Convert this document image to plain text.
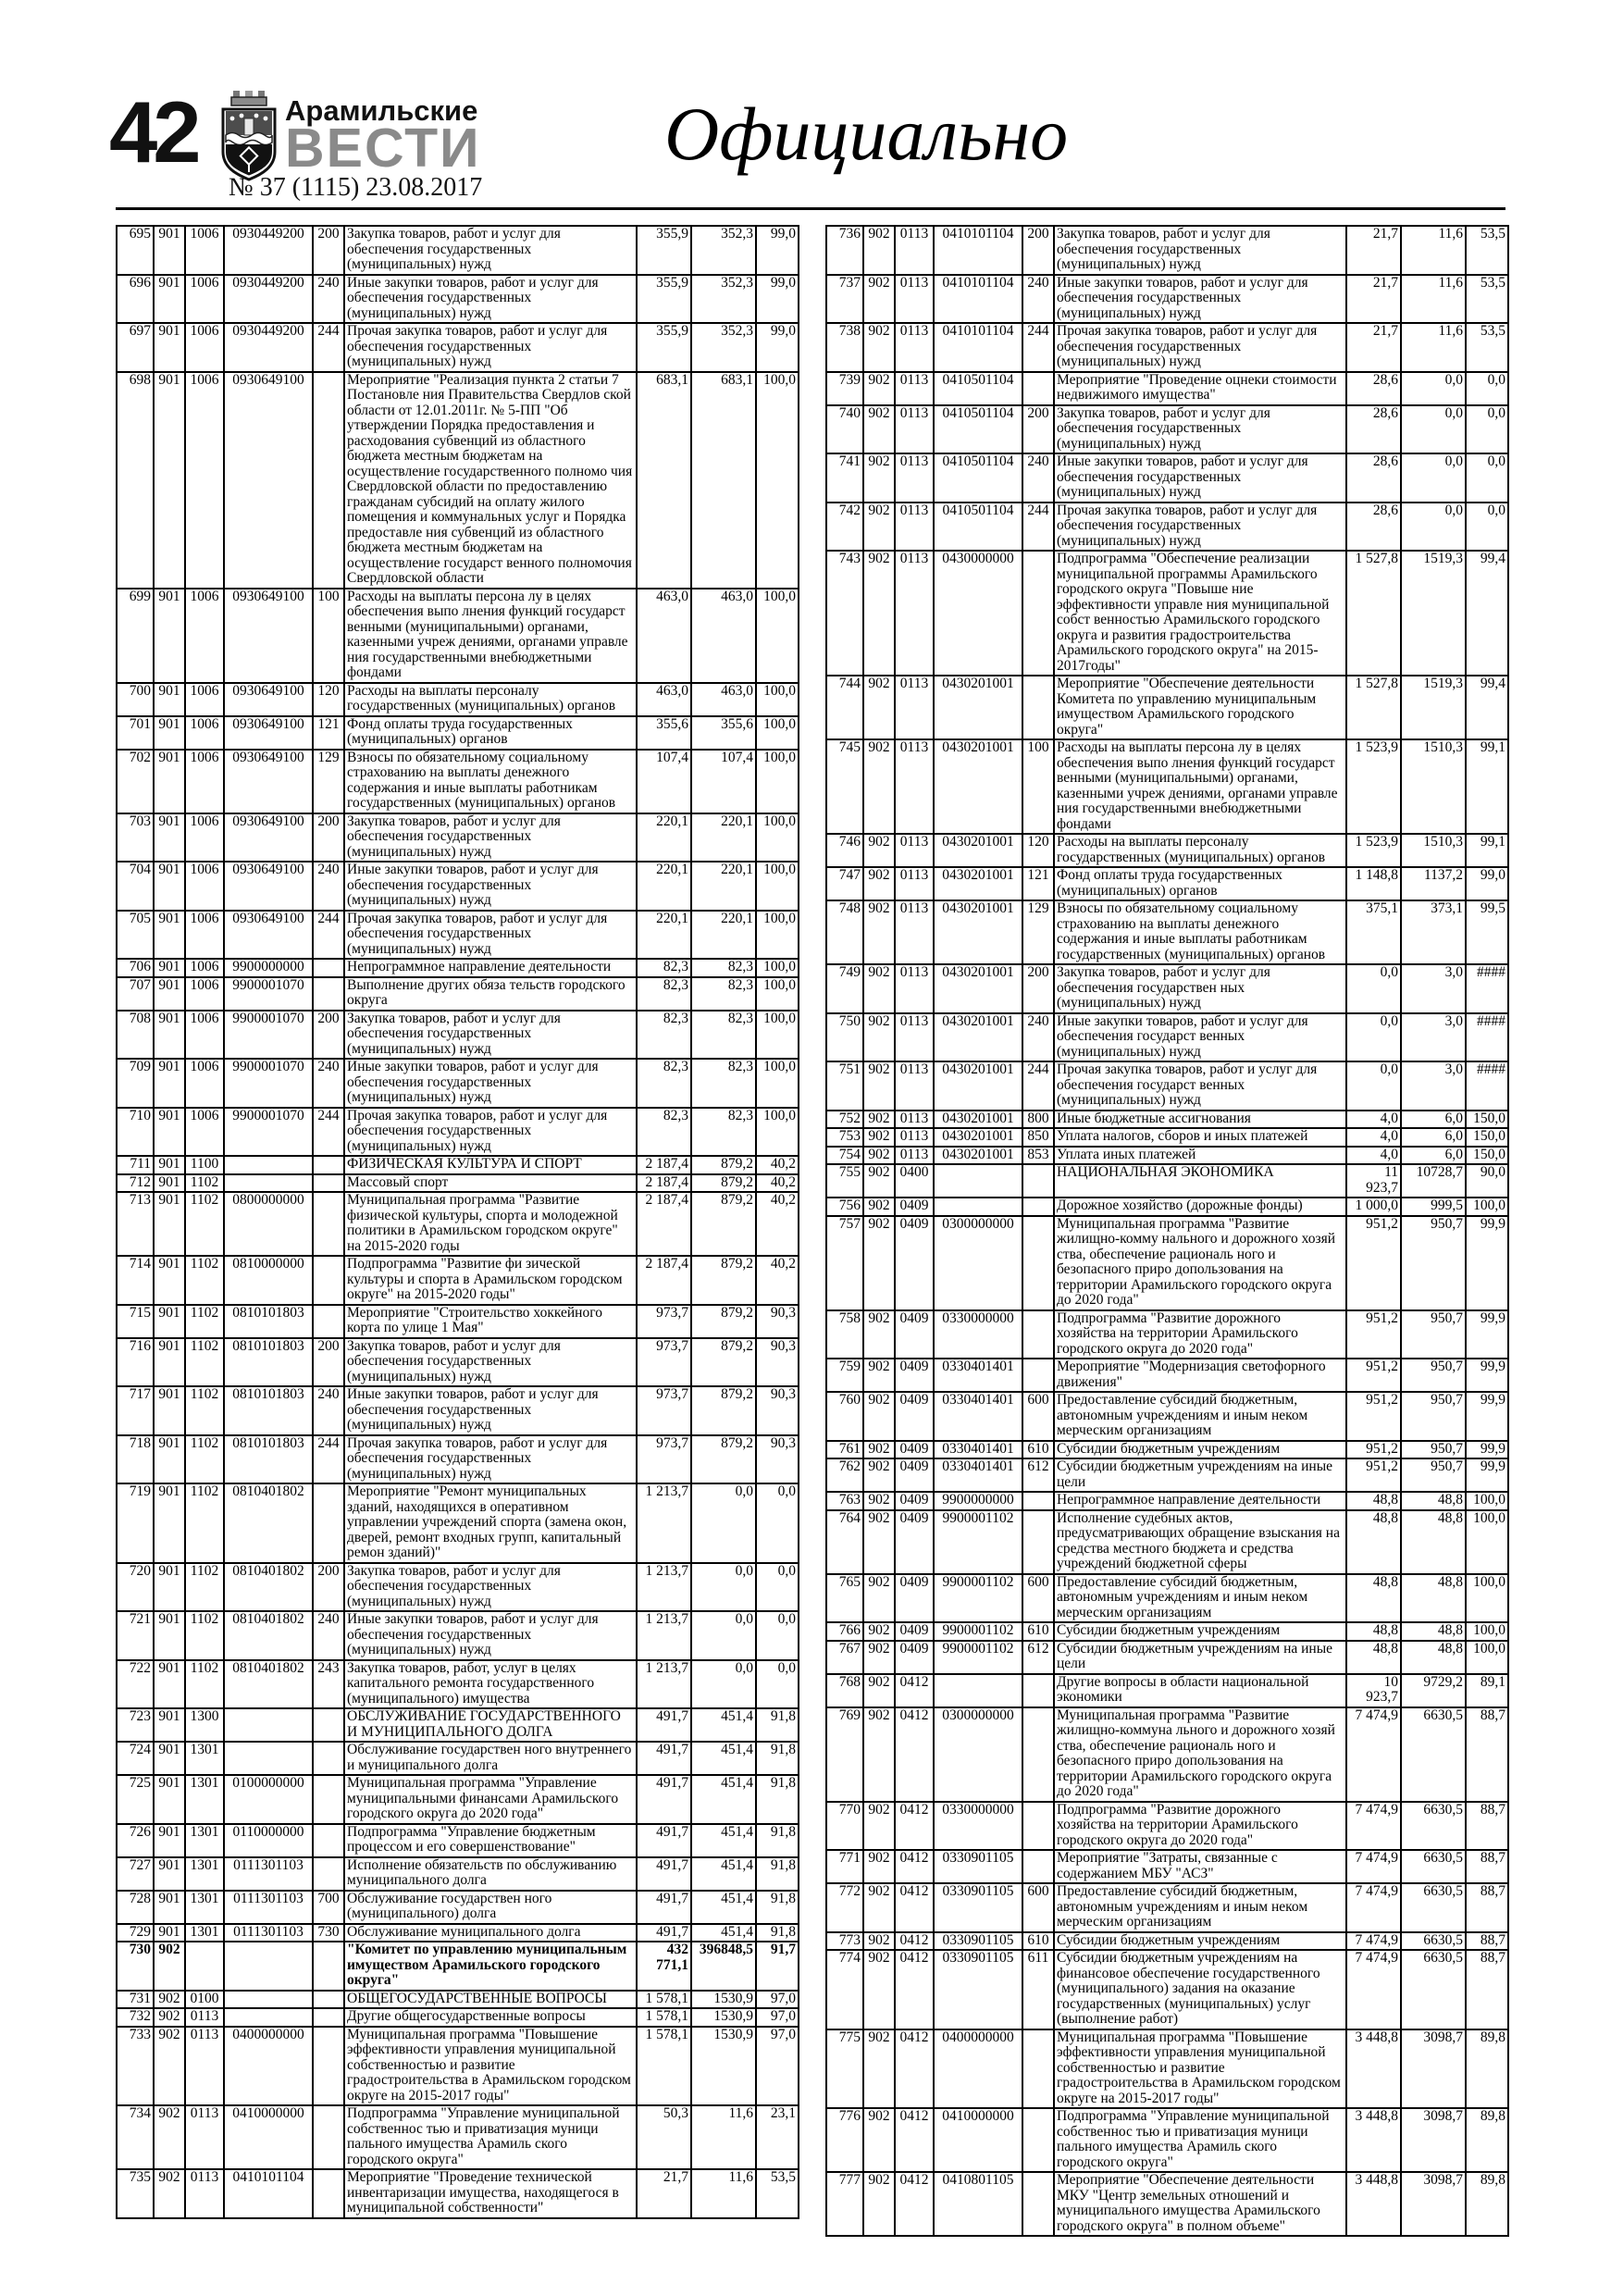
42	Арамильские
ВЕСТИ
№ 37 (1115) 23.08.2017
Официально
695	901	1006	0930449200	200	Закупка товаров, работ и услуг для обеспечения государственных (муниципальных) нужд	355,9	352,3	99,0
696	901	1006	0930449200	240	Иные закупки товаров, работ и услуг для обеспечения государственных (муниципальных) нужд	355,9	352,3	99,0
697	901	1006	0930449200	244	Прочая закупка товаров, работ и услуг для обеспечения государственных (муниципальных) нужд	355,9	352,3	99,0
698	901	1006	0930649100		Мероприятие "Реализация пункта 2 статьи 7 Постановле ния Правительства Свердлов ской области от 12.01.2011г. № 5-ПП "Об утверждении Порядка предоставления и расходования субвенций из областного бюджета местным бюджетам на осуществление государственного полномо чия Свердловской области по предоставлению гражданам субсидий на оплату жилого помещения и коммунальных услуг и Порядка предоставле ния субвенций из областного бюджета местным бюджетам на осуществление государст венного полномочия Свердловской области	683,1	683,1	100,0
699	901	1006	0930649100	100	Расходы на выплаты персона лу в целях обеспечения выпо лнения функций государст венными (муниципальными) органами, казенными учреж дениями, органами управле ния государственными внебюджетными фондами	463,0	463,0	100,0
700	901	1006	0930649100	120	Расходы на выплаты персоналу государственных (муниципальных) органов	463,0	463,0	100,0
701	901	1006	0930649100	121	Фонд оплаты труда государственных (муниципальных) органов	355,6	355,6	100,0
702	901	1006	0930649100	129	Взносы по обязательному социальному страхованию на выплаты денежного содержания и иные выплаты работникам государственных (муниципальных) органов	107,4	107,4	100,0
703	901	1006	0930649100	200	Закупка товаров, работ и услуг для обеспечения государственных (муниципальных) нужд	220,1	220,1	100,0
704	901	1006	0930649100	240	Иные закупки товаров, работ и услуг для обеспечения государственных (муниципальных) нужд	220,1	220,1	100,0
705	901	1006	0930649100	244	Прочая закупка товаров, работ и услуг для обеспечения государственных (муниципальных) нужд	220,1	220,1	100,0
706	901	1006	9900000000		Непрограммное направление деятельности	82,3	82,3	100,0
707	901	1006	9900001070		Выполнение других обяза тельств городского округа	82,3	82,3	100,0
708	901	1006	9900001070	200	Закупка товаров, работ и услуг для обеспечения государственных (муниципальных) нужд	82,3	82,3	100,0
709	901	1006	9900001070	240	Иные закупки товаров, работ и услуг для обеспечения государственных (муниципальных) нужд	82,3	82,3	100,0
710	901	1006	9900001070	244	Прочая закупка товаров, работ и услуг для обеспечения государственных (муниципальных) нужд	82,3	82,3	100,0
711	901	1100			ФИЗИЧЕСКАЯ КУЛЬТУРА И СПОРТ	2 187,4	879,2	40,2
712	901	1102			Массовый спорт	2 187,4	879,2	40,2
713	901	1102	0800000000		Муниципальная программа "Развитие физической культуры, спорта и молодежной политики в Арамильском городском округе" на 2015-2020 годы	2 187,4	879,2	40,2
714	901	1102	0810000000		Подпрограмма "Развитие фи зической культуры и спорта в Арамильском городском округе" на 2015-2020 годы"	2 187,4	879,2	40,2
715	901	1102	0810101803		Мероприятие "Строительство хоккейного корта по улице 1 Мая"	973,7	879,2	90,3
716	901	1102	0810101803	200	Закупка товаров, работ и услуг для обеспечения государственных (муниципальных) нужд	973,7	879,2	90,3
717	901	1102	0810101803	240	Иные закупки товаров, работ и услуг для обеспечения государственных (муниципальных) нужд	973,7	879,2	90,3
718	901	1102	0810101803	244	Прочая закупка товаров, работ и услуг для обеспечения государственных (муниципальных) нужд	973,7	879,2	90,3
719	901	1102	0810401802		Мероприятие "Ремонт муниципальных зданий, находящихся в оперативном управлении учреждений спорта (замена окон, дверей, ремонт входных групп, капитальный ремон зданий)"	1 213,7	0,0	0,0
720	901	1102	0810401802	200	Закупка товаров, работ и услуг для обеспечения государственных (муниципальных) нужд	1 213,7	0,0	0,0
721	901	1102	0810401802	240	Иные закупки товаров, работ и услуг для обеспечения государственных (муниципальных) нужд	1 213,7	0,0	0,0
722	901	1102	0810401802	243	Закупка товаров, работ, услуг в целях капитального ремонта государственного (муниципального) имущества	1 213,7	0,0	0,0
723	901	1300			ОБСЛУЖИВАНИЕ ГОСУДАРСТВЕННОГО И МУНИЦИПАЛЬНОГО ДОЛГА	491,7	451,4	91,8
724	901	1301			Обслуживание государствен ного внутреннего и муниципального долга	491,7	451,4	91,8
725	901	1301	0100000000		Муниципальная программа "Управление муниципальными финансами Арамильского городского округа до 2020 года"	491,7	451,4	91,8
726	901	1301	0110000000		Подпрограмма "Управление бюджетным процессом и его совершенствование"	491,7	451,4	91,8
727	901	1301	0111301103		Исполнение обязательств по обслуживанию муниципального долга	491,7	451,4	91,8
728	901	1301	0111301103	700	Обслуживание государствен ного (муниципального) долга	491,7	451,4	91,8
729	901	1301	0111301103	730	Обслуживание муниципального долга	491,7	451,4	91,8
730	902				"Комитет по управлению муниципальным имуществом Арамильского городского округа"	432 771,1	396848,5	91,7
731	902	0100			ОБЩЕГОСУДАРСТВЕННЫЕ ВОПРОСЫ	1 578,1	1530,9	97,0
732	902	0113			Другие общегосударственные вопросы	1 578,1	1530,9	97,0
733	902	0113	0400000000		Муниципальная программа "Повышение эффективности управления муниципальной собственностью и развитие градостроительства в Арамильском городском округе на 2015-2017 годы"	1 578,1	1530,9	97,0
734	902	0113	0410000000		Подпрограмма "Управление муниципальной собственнос тью и приватизация муници пального имущества Арамиль ского городского округа"	50,3	11,6	23,1
735	902	0113	0410101104		Мероприятие "Проведение технической инвентаризации имущества, находящегося в муниципальной собственности"	21,7	11,6	53,5
736	902	0113	0410101104	200	Закупка товаров, работ и услуг для обеспечения государственных (муниципальных) нужд	21,7	11,6	53,5
737	902	0113	0410101104	240	Иные закупки товаров, работ и услуг для обеспечения государственных (муниципальных) нужд	21,7	11,6	53,5
738	902	0113	0410101104	244	Прочая закупка товаров, работ и услуг для обеспечения государственных (муниципальных) нужд	21,7	11,6	53,5
739	902	0113	0410501104		Мероприятие "Проведение оцнеки стоимости недвижимого имущества"	28,6	0,0	0,0
740	902	0113	0410501104	200	Закупка товаров, работ и услуг для обеспечения государственных (муниципальных) нужд	28,6	0,0	0,0
741	902	0113	0410501104	240	Иные закупки товаров, работ и услуг для обеспечения государственных (муниципальных) нужд	28,6	0,0	0,0
742	902	0113	0410501104	244	Прочая закупка товаров, работ и услуг для обеспечения государственных (муниципальных) нужд	28,6	0,0	0,0
743	902	0113	0430000000		Подпрограмма "Обеспечение реализации муниципальной программы Арамильского городского округа "Повыше ние эффективности управле ния муниципальной собст венностью Арамильского городского округа и развития градостроительства Арамильского городского округа" на 2015-2017годы"	1 527,8	1519,3	99,4
744	902	0113	0430201001		Мероприятие "Обеспечение деятельности Комитета по управлению муниципальным имуществом Арамильского городского округа"	1 527,8	1519,3	99,4
745	902	0113	0430201001	100	Расходы на выплаты персона лу в целях обеспечения выпо лнения функций государст венными (муниципальными) органами, казенными учреж дениями, органами управле ния государственными внебюджетными фондами	1 523,9	1510,3	99,1
746	902	0113	0430201001	120	Расходы на выплаты персоналу государственных (муниципальных) органов	1 523,9	1510,3	99,1
747	902	0113	0430201001	121	Фонд оплаты труда государственных (муниципальных) органов	1 148,8	1137,2	99,0
748	902	0113	0430201001	129	Взносы по обязательному социальному страхованию на выплаты денежного содержания и иные выплаты работникам государственных (муниципальных) органов	375,1	373,1	99,5
749	902	0113	0430201001	200	Закупка товаров, работ и услуг для обеспечения государствен ных (муниципальных) нужд	0,0	3,0	####
750	902	0113	0430201001	240	Иные закупки товаров, работ и услуг для обеспечения государст венных (муниципальных) нужд	0,0	3,0	####
751	902	0113	0430201001	244	Прочая закупка товаров, работ и услуг для обеспечения государст венных (муниципальных) нужд	0,0	3,0	####
752	902	0113	0430201001	800	Иные бюджетные ассигнования	4,0	6,0	150,0
753	902	0113	0430201001	850	Уплата налогов, сборов и иных платежей	4,0	6,0	150,0
754	902	0113	0430201001	853	Уплата иных платежей	4,0	6,0	150,0
755	902	0400			НАЦИОНАЛЬНАЯ ЭКОНОМИКА	11 923,7	10728,7	90,0
756	902	0409			Дорожное хозяйство (дорожные фонды)	1 000,0	999,5	100,0
757	902	0409	0300000000		Муниципальная программа "Развитие жилищно-комму нального и дорожного хозяй ства, обеспечение рациональ ного и безопасного приро допользования на территории Арамильского городского округа до 2020 года"	951,2	950,7	99,9
758	902	0409	0330000000		Подпрограмма "Развитие дорожного хозяйства на территории Арамильского городского округа до 2020 года"	951,2	950,7	99,9
759	902	0409	0330401401		Мероприятие "Модернизация светофорного движения"	951,2	950,7	99,9
760	902	0409	0330401401	600	Предоставление субсидий бюджетным, автономным учреждениям и иным неком мерческим организациям	951,2	950,7	99,9
761	902	0409	0330401401	610	Субсидии бюджетным учреждениям	951,2	950,7	99,9
762	902	0409	0330401401	612	Субсидии бюджетным учреждениям на иные цели	951,2	950,7	99,9
763	902	0409	9900000000		Непрограммное направление деятельности	48,8	48,8	100,0
764	902	0409	9900001102		Исполнение судебных актов, предусматривающих обращение взыскания на средства местного бюджета и средства учреждений бюджетной сферы	48,8	48,8	100,0
765	902	0409	9900001102	600	Предоставление субсидий бюджетным, автономным учреждениям и иным неком мерческим организациям	48,8	48,8	100,0
766	902	0409	9900001102	610	Субсидии бюджетным учреждениям	48,8	48,8	100,0
767	902	0409	9900001102	612	Субсидии бюджетным учреждениям на иные цели	48,8	48,8	100,0
768	902	0412			Другие вопросы в области национальной экономики	10 923,7	9729,2	89,1
769	902	0412	0300000000		Муниципальная программа "Развитие жилищно-коммуна льного и дорожного хозяй ства, обеспечение рациональ ного и безопасного приро допользования на территории Арамильского городского округа до 2020 года"	7 474,9	6630,5	88,7
770	902	0412	0330000000		Подпрограмма "Развитие дорожного хозяйства на территории Арамильского городского округа до 2020 года"	7 474,9	6630,5	88,7
771	902	0412	0330901105		Мероприятие "Затраты, связанные с содержанием МБУ "АСЗ"	7 474,9	6630,5	88,7
772	902	0412	0330901105	600	Предоставление субсидий бюджетным, автономным учреждениям и иным неком мерческим организациям	7 474,9	6630,5	88,7
773	902	0412	0330901105	610	Субсидии бюджетным учреждениям	7 474,9	6630,5	88,7
774	902	0412	0330901105	611	Субсидии бюджетным учреждениям на финансовое обеспечение государственного (муниципального) задания на оказание государственных (муниципальных) услуг (выполнение работ)	7 474,9	6630,5	88,7
775	902	0412	0400000000		Муниципальная программа "Повышение эффективности управления муниципальной собственностью и развитие градостроительства в Арамильском городском округе на 2015-2017 годы"	3 448,8	3098,7	89,8
776	902	0412	0410000000		Подпрограмма "Управление муниципальной собственнос тью и приватизация муници пального имущества Арамиль ского городского округа"	3 448,8	3098,7	89,8
777	902	0412	0410801105		Мероприятие "Обеспечение деятельности МКУ "Центр земельных отношений и муниципального имущества Арамильского городского округа" в полном объеме"	3 448,8	3098,7	89,8
